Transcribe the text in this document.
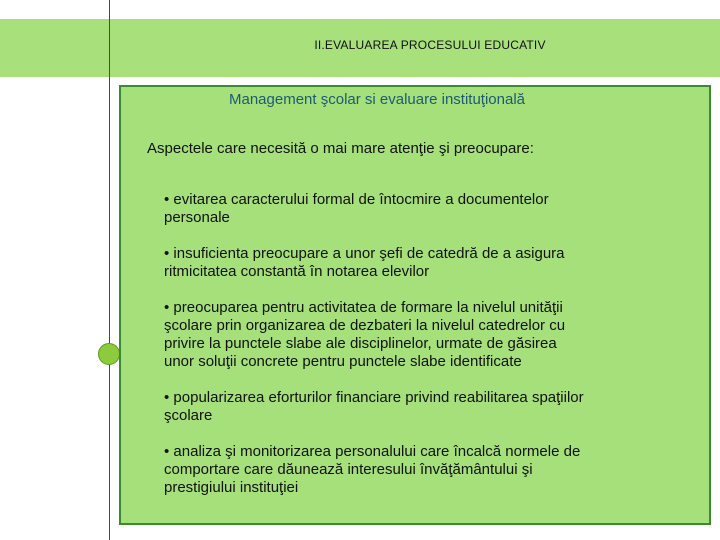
II.EVALUAREA PROCESULUI EDUCATIV
Management şcolar si evaluare instituţională
Aspectele care necesită o mai mare atenţie şi preocupare:
• evitarea caracterului formal de întocmire a documentelor
personale
• insuficienta preocupare a unor şefi de catedră de a asigura
ritmicitatea constantă în notarea elevilor
• preocuparea pentru activitatea de formare la nivelul unităţii
şcolare prin organizarea de dezbateri la nivelul catedrelor cu
privire la punctele slabe ale disciplinelor, urmate de găsirea
unor soluţii concrete pentru punctele slabe identificate
• popularizarea eforturilor financiare privind reabilitarea spaţiilor
şcolare
• analiza şi monitorizarea personalului care încalcă normele de
comportare care dăunează interesului învăţământului şi
prestigiului instituţiei
